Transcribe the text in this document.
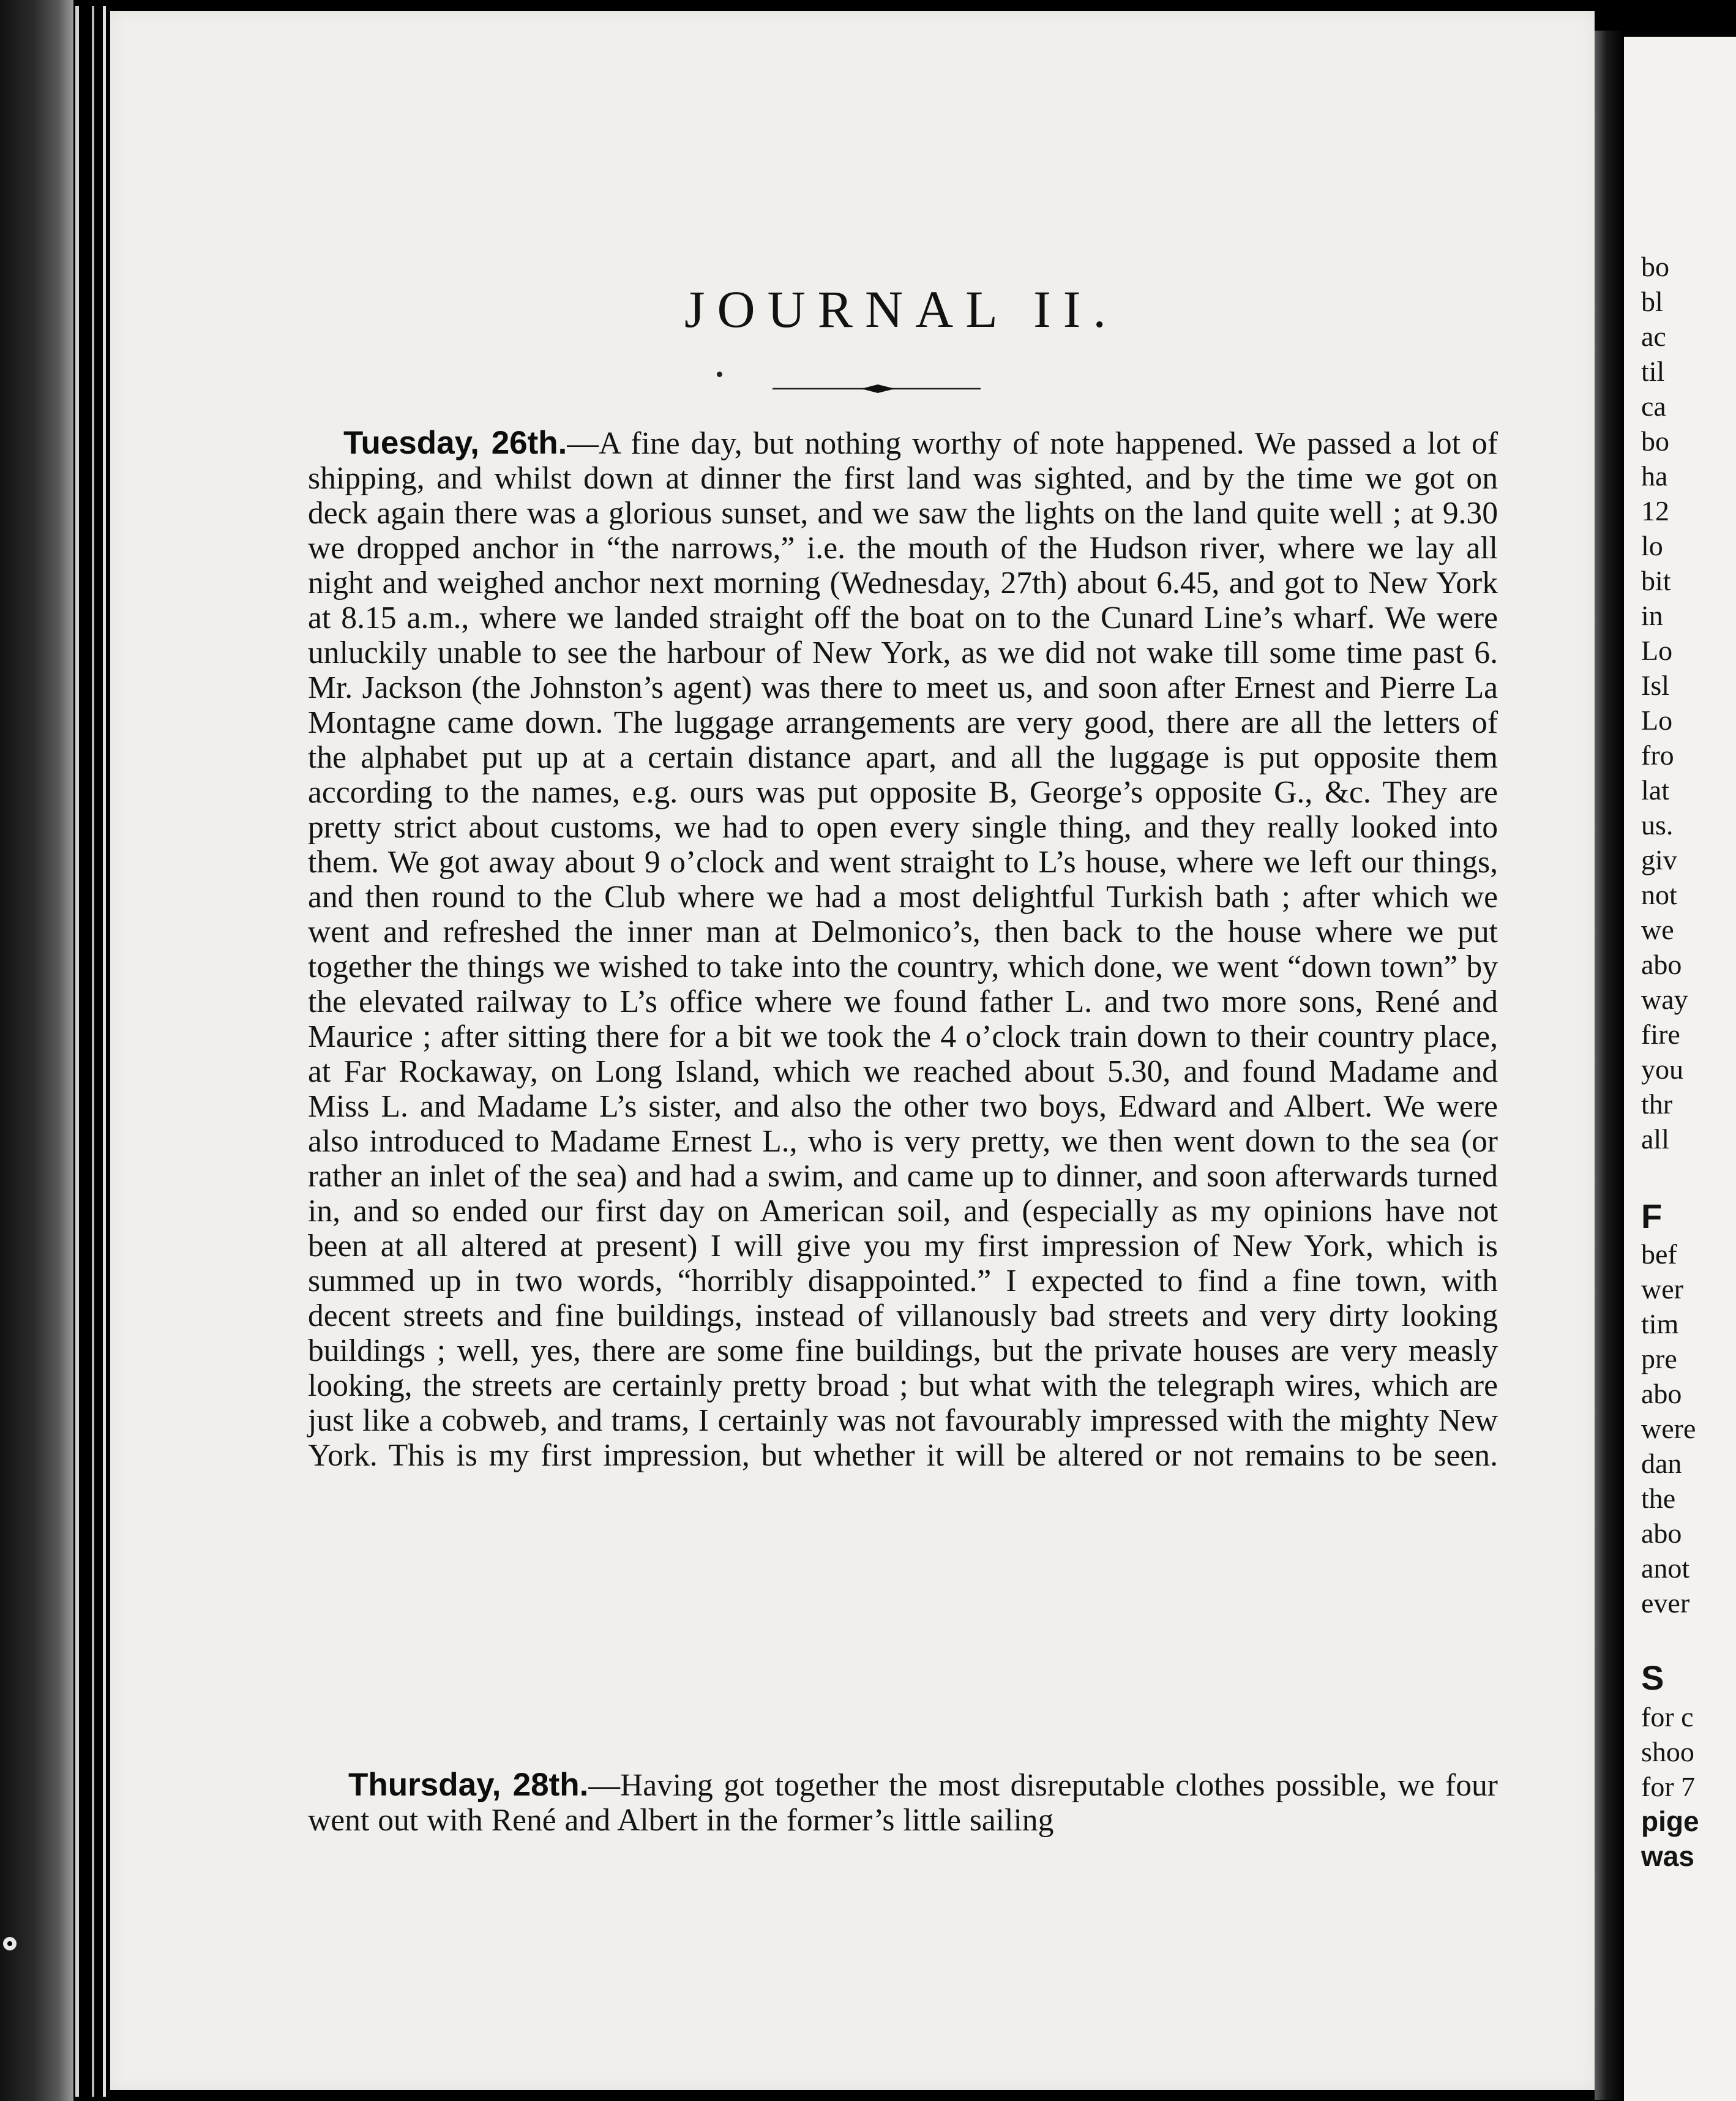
JOURNAL II.

Tuesday, 26th.—A fine day, but nothing worthy of note happened. We passed a lot of shipping, and whilst down at dinner the first land was sighted, and by the time we got on deck again there was a glorious sunset, and we saw the lights on the land quite well ; at 9.30 we dropped anchor in “the narrows,” i.e. the mouth of the Hudson river, where we lay all night and weighed anchor next morning (Wednesday, 27th) about 6.45, and got to New York at 8.15 a.m., where we landed straight off the boat on to the Cunard Line’s wharf. We were unluckily unable to see the harbour of New York, as we did not wake till some time past 6. Mr. Jackson (the Johnston’s agent) was there to meet us, and soon after Ernest and Pierre La Montagne came down. The luggage arrangements are very good, there are all the letters of the alphabet put up at a certain distance apart, and all the luggage is put opposite them according to the names, e.g. ours was put opposite B, George’s opposite G., &c. They are pretty strict about customs, we had to open every single thing, and they really looked into them. We got away about 9 o’clock and went straight to L’s house, where we left our things, and then round to the Club where we had a most delightful Turkish bath ; after which we went and refreshed the inner man at Delmonico’s, then back to the house where we put together the things we wished to take into the country, which done, we went “down town” by the elevated railway to L’s office where we found father L. and two more sons, René and Maurice ; after sitting there for a bit we took the 4 o’clock train down to their country place, at Far Rockaway, on Long Island, which we reached about 5.30, and found Madame and Miss L. and Madame L’s sister, and also the other two boys, Edward and Albert. We were also introduced to Madame Ernest L., who is very pretty, we then went down to the sea (or rather an inlet of the sea) and had a swim, and came up to dinner, and soon afterwards turned in, and so ended our first day on American soil, and (especially as my opinions have not been at all altered at present) I will give you my first impression of New York, which is summed up in two words, “horribly disappointed.” I expected to find a fine town, with decent streets and fine buildings, instead of villanously bad streets and very dirty looking buildings ; well, yes, there are some fine buildings, but the private houses are very measly looking, the streets are certainly pretty broad ; but what with the telegraph wires, which are just like a cobweb, and trams, I certainly was not favourably impressed with the mighty New York. This is my first impression, but whether it will be altered or not remains to be seen.

Thursday, 28th.—Having got together the most disreputable clothes possible, we four went out with René and Albert in the former’s little sailing

bo

bl

ac

til

ca

bo

ha

12

lo

bit

in

Lo

Isl

Lo

fro

lat

us.

giv

not

we

abo

way

fire

you

thr

all

F

bef

wer

tim

pre

abo

were

dan

the

abo

anot

ever

S

for c

shoo

for 7

pige

was
